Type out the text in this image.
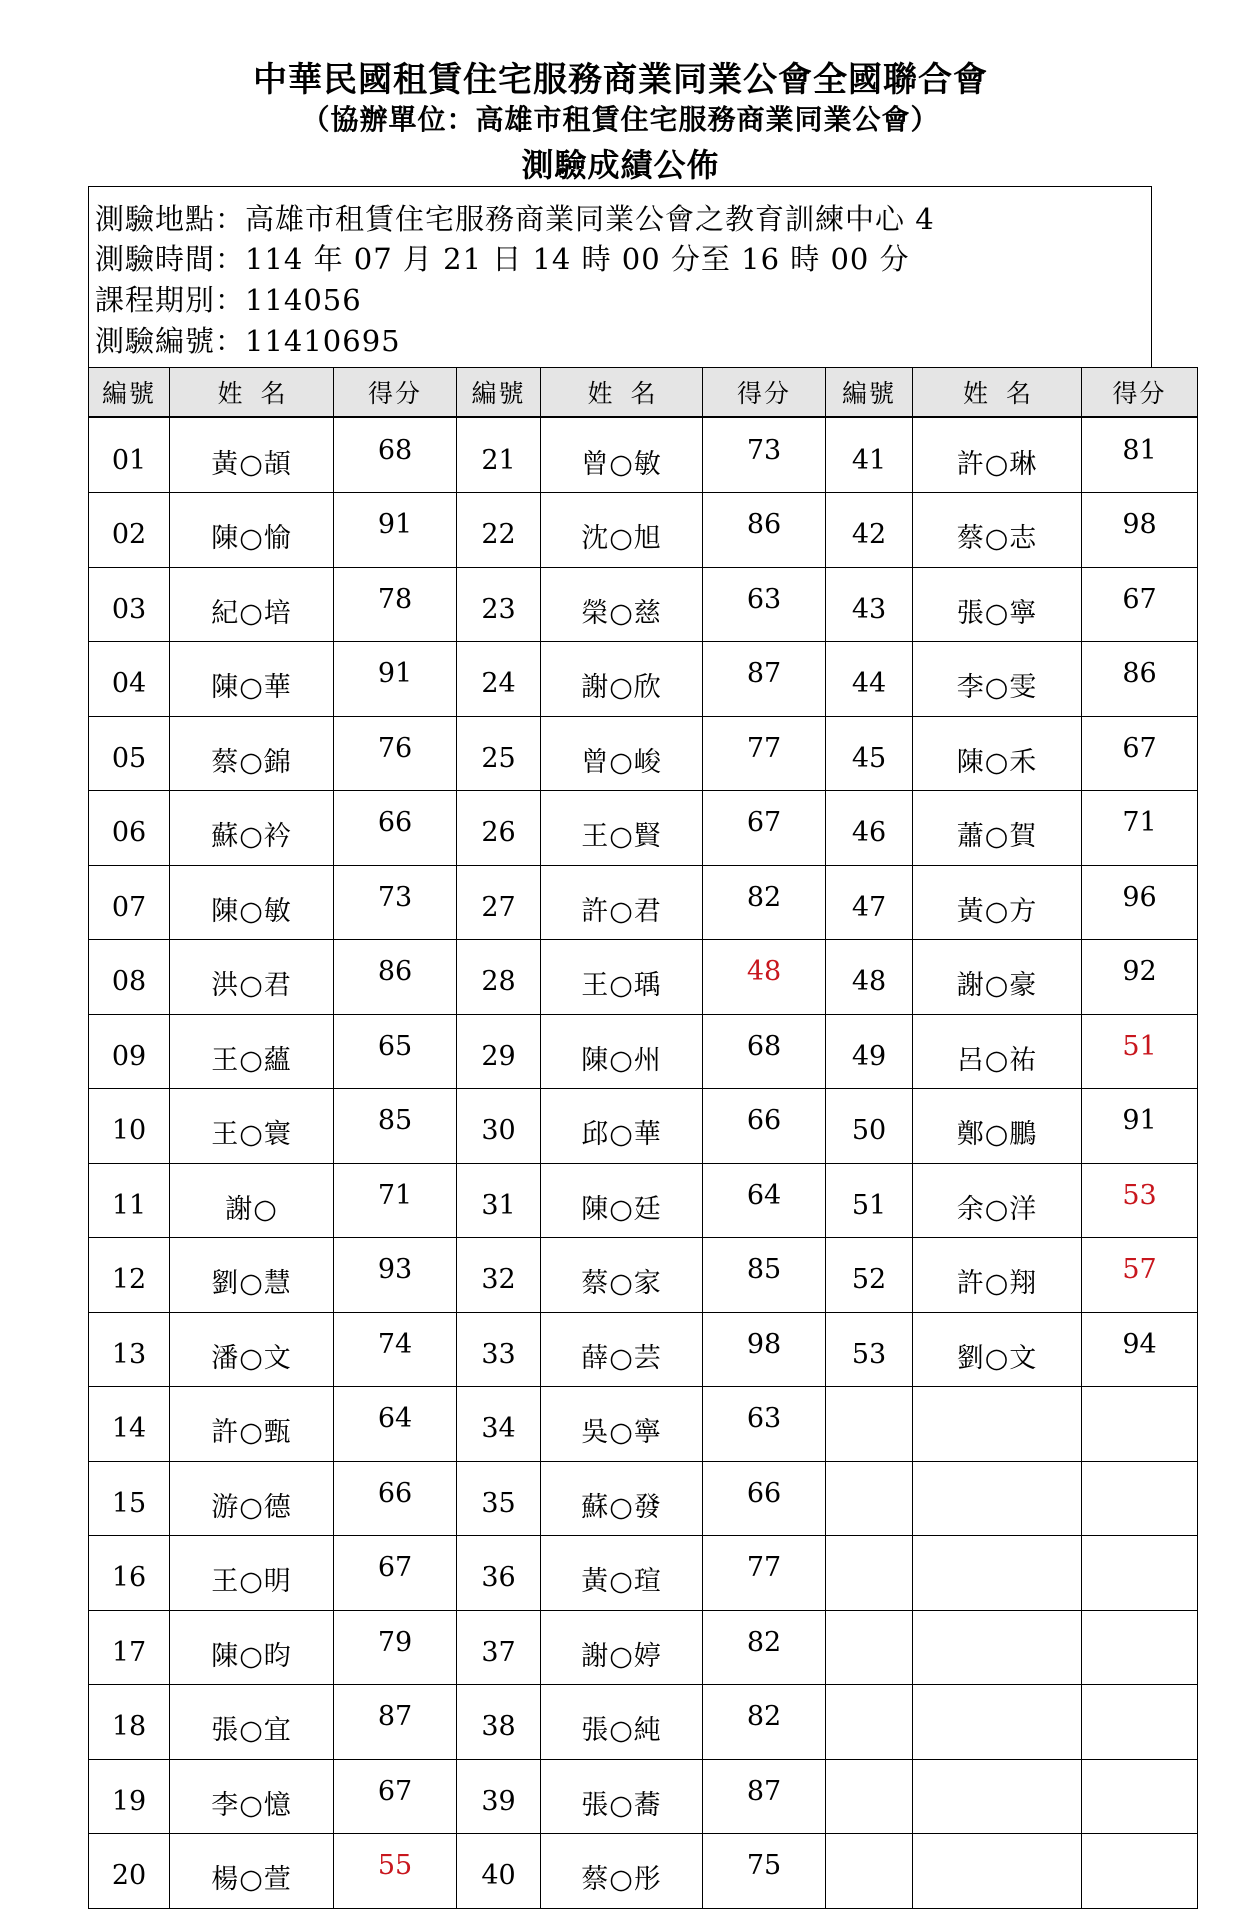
中華民國租賃住宅服務商業同業公會全國聯合會
（協辦單位：高雄市租賃住宅服務商業同業公會）
測驗成績公佈
測驗地點：高雄市租賃住宅服務商業同業公會之教育訓練中心 4
測驗時間：114 年 07 月 21 日 14 時 00 分至 16 時 00 分
課程期別：114056
測驗編號：11410695
編號	姓名	得分	編號	姓名	得分	編號	姓名	得分
01	黃○頡	68	21	曾○敏	73	41	許○琳	81
02	陳○愉	91	22	沈○旭	86	42	蔡○志	98
03	紀○培	78	23	榮○慈	63	43	張○寧	67
04	陳○華	91	24	謝○欣	87	44	李○雯	86
05	蔡○錦	76	25	曾○峻	77	45	陳○禾	67
06	蘇○衿	66	26	王○賢	67	46	蕭○賀	71
07	陳○敏	73	27	許○君	82	47	黃○方	96
08	洪○君	86	28	王○瑀	48	48	謝○豪	92
09	王○蘊	65	29	陳○州	68	49	呂○祐	51
10	王○寰	85	30	邱○華	66	50	鄭○鵬	91
11	謝○	71	31	陳○廷	64	51	余○洋	53
12	劉○慧	93	32	蔡○家	85	52	許○翔	57
13	潘○文	74	33	薛○芸	98	53	劉○文	94
14	許○甄	64	34	吳○寧	63			
15	游○德	66	35	蘇○發	66			
16	王○明	67	36	黃○瑄	77			
17	陳○昀	79	37	謝○婷	82			
18	張○宜	87	38	張○純	82			
19	李○憶	67	39	張○蕎	87			
20	楊○萱	55	40	蔡○彤	75			
